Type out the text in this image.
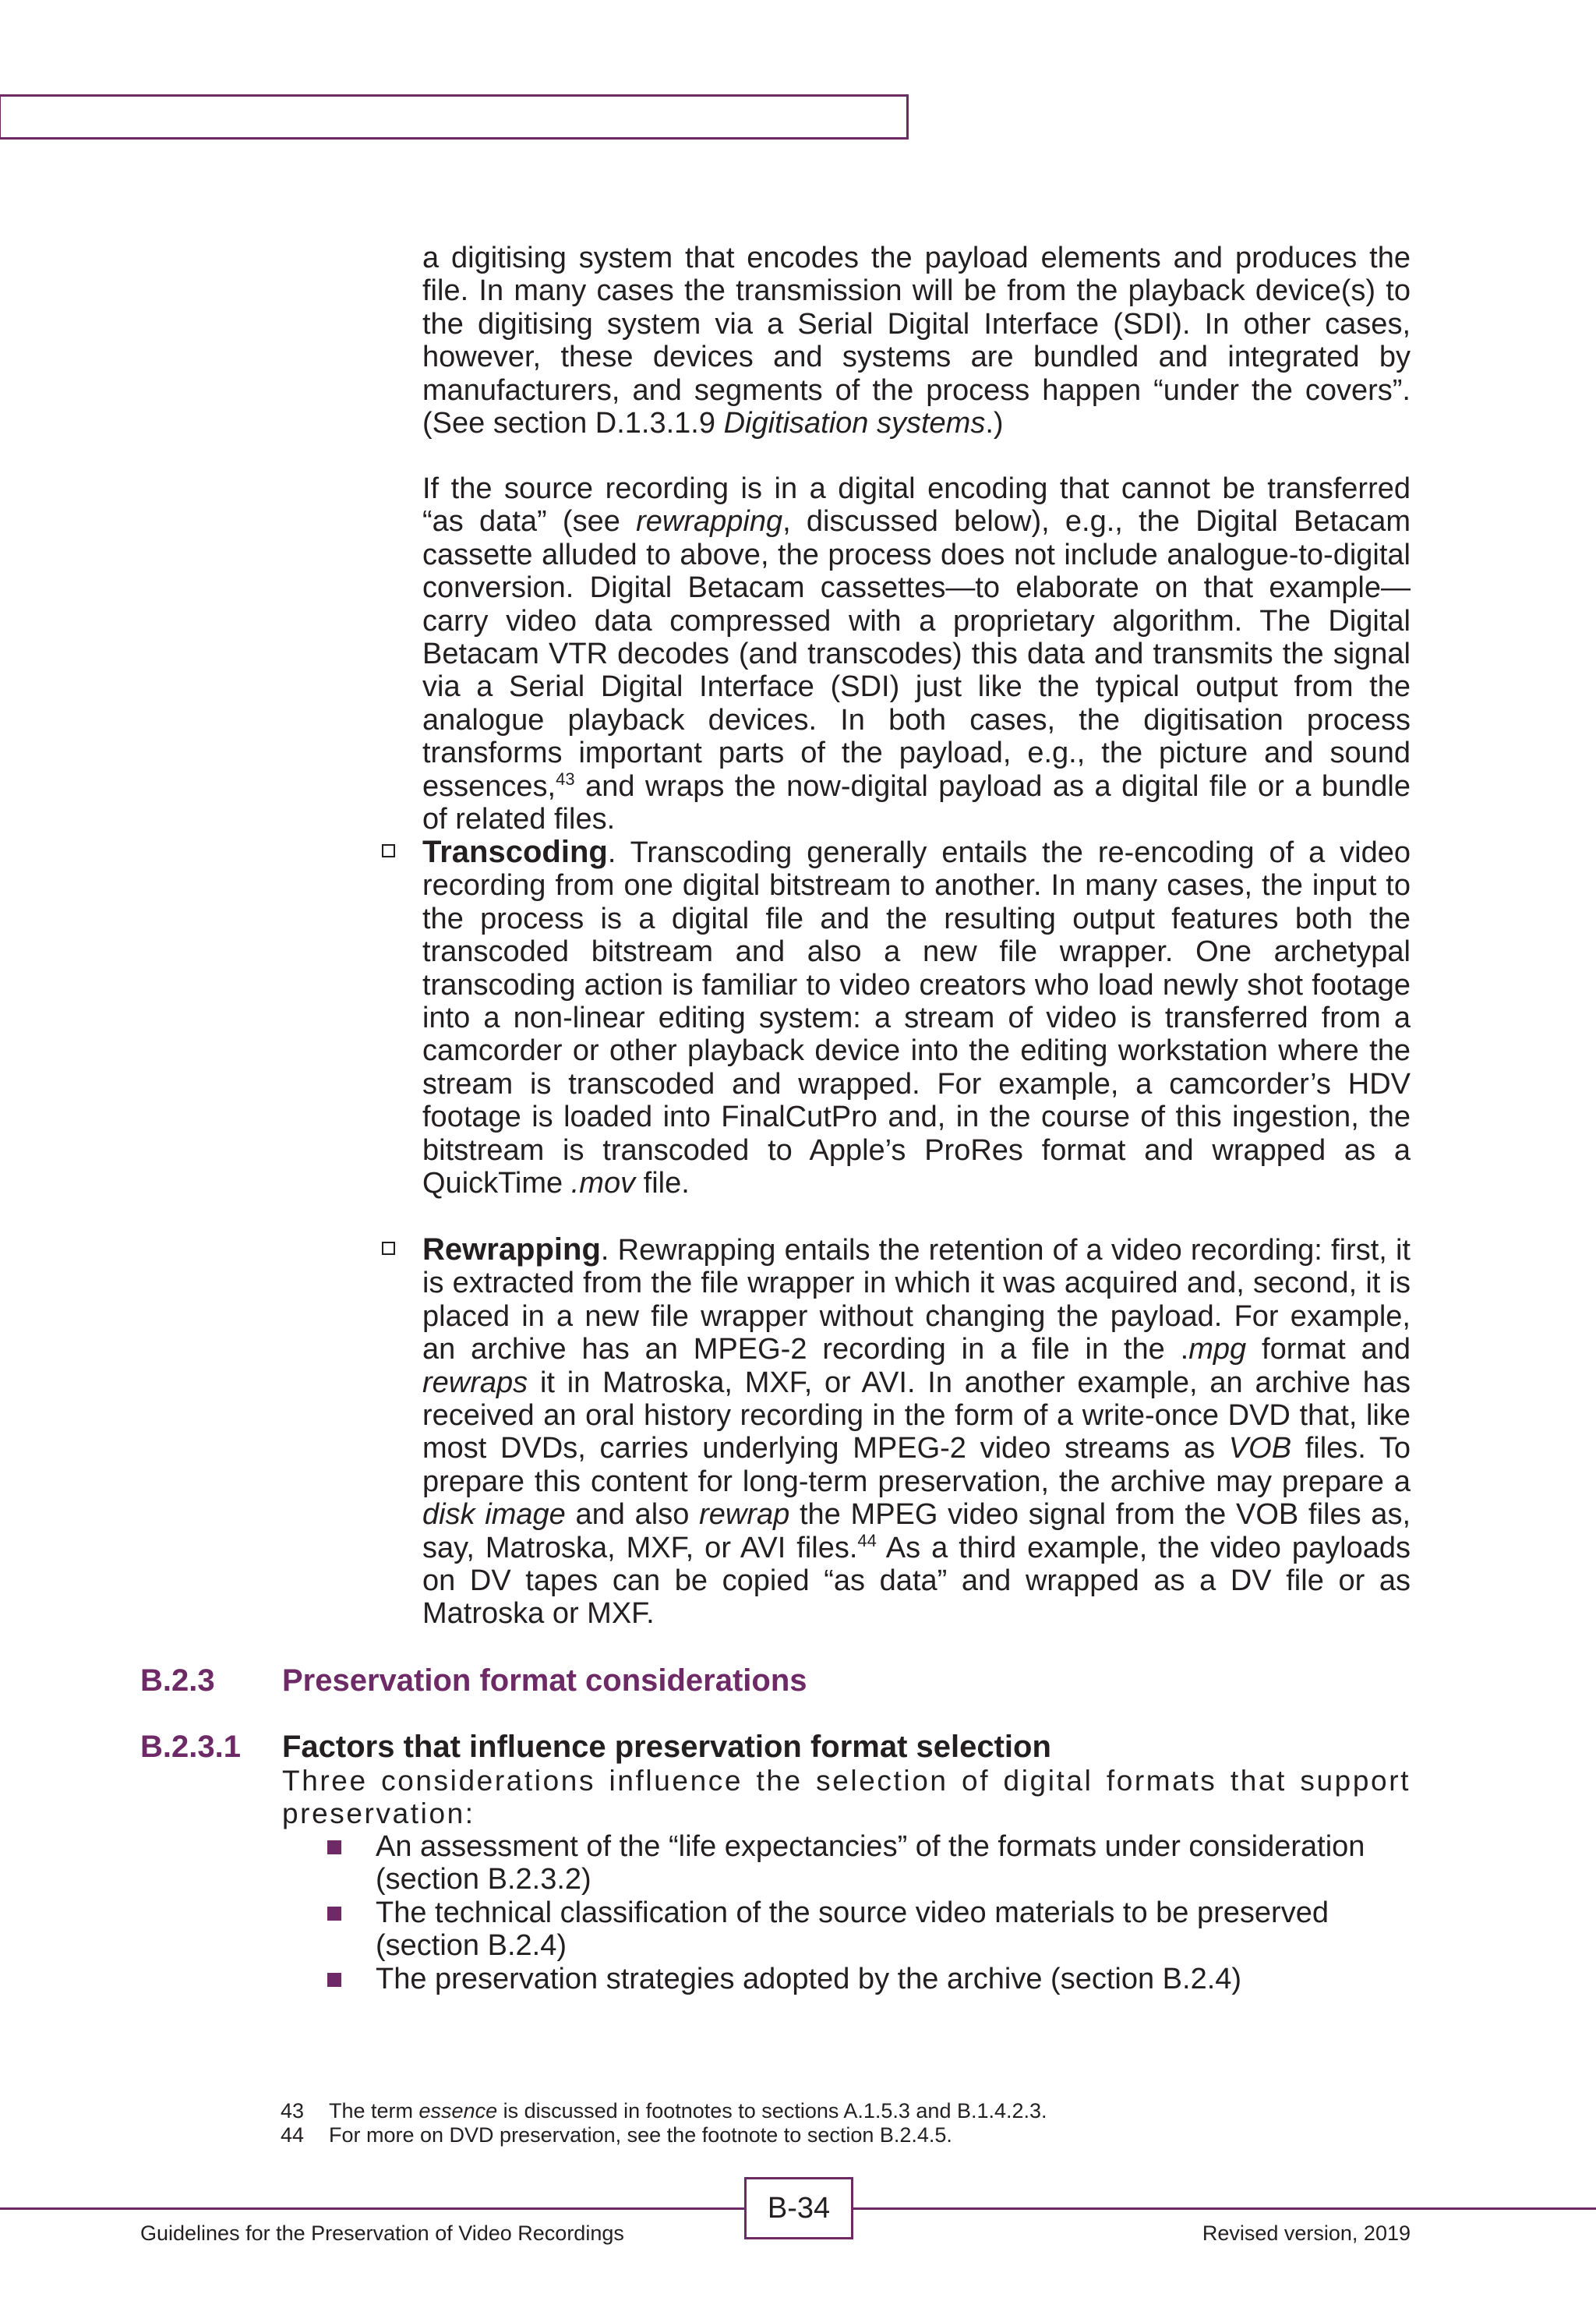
a digitising system that encodes the payload elements and produces the file. In many cases the transmission will be from the playback device(s) to the digitising system via a Serial Digital Interface (SDI). In other cases, however, these devices and systems are bundled and integrated by manufacturers, and segments of the process happen “under the covers”. (See section D.1.3.1.9 Digitisation systems.)

If the source recording is in a digital encoding that cannot be transferred “as data” (see rewrapping, discussed below), e.g., the Digital Betacam cassette alluded to above, the process does not include analogue-to-digital conversion. Digital Betacam cassettes—to elaborate on that example—carry video data compressed with a proprietary algorithm. The Digital Betacam VTR decodes (and transcodes) this data and transmits the signal via a Serial Digital Interface (SDI) just like the typical output from the analogue playback devices. In both cases, the digitisation process transforms important parts of the payload, e.g., the picture and sound essences,$^{43}$ and wraps the now-digital payload as a digital file or a bundle of related files.

Transcoding. Transcoding generally entails the re-encoding of a video recording from one digital bitstream to another. In many cases, the input to the process is a digital file and the resulting output features both the transcoded bitstream and also a new file wrapper. One archetypal transcoding action is familiar to video creators who load newly shot footage into a non-linear editing system: a stream of video is transferred from a camcorder or other playback device into the editing workstation where the stream is transcoded and wrapped. For example, a camcorder’s HDV footage is loaded into FinalCutPro and, in the course of this ingestion, the bitstream is transcoded to Apple’s ProRes format and wrapped as a QuickTime .mov file.

Rewrapping. Rewrapping entails the retention of a video recording: first, it is extracted from the file wrapper in which it was acquired and, second, it is placed in a new file wrapper without changing the payload. For example, an archive has an MPEG-2 recording in a file in the .mpg format and rewraps it in Matroska, MXF, or AVI. In another example, an archive has received an oral history recording in the form of a write-once DVD that, like most DVDs, carries underlying MPEG-2 video streams as VOB files. To prepare this content for long-term preservation, the archive may prepare a disk image and also rewrap the MPEG video signal from the VOB files as, say, Matroska, MXF, or AVI files.$^{44}$ As a third example, the video payloads on DV tapes can be copied “as data” and wrapped as a DV file or as Matroska or MXF.

B.2.3 Preservation format considerations
B.2.3.1 Factors that influence preservation format selection

Three considerations influence the selection of digital formats that support preservation:

An assessment of the “life expectancies” of the formats under consideration (section B.2.3.2)
The technical classification of the source video materials to be preserved (section B.2.4)
The preservation strategies adopted by the archive (section B.2.4)
43 The term essence is discussed in footnotes to sections A.1.5.3 and B.1.4.2.3.
44 For more on DVD preservation, see the footnote to section B.2.4.5.
B-34
Guidelines for the Preservation of Video Recordings	Revised version, 2019
